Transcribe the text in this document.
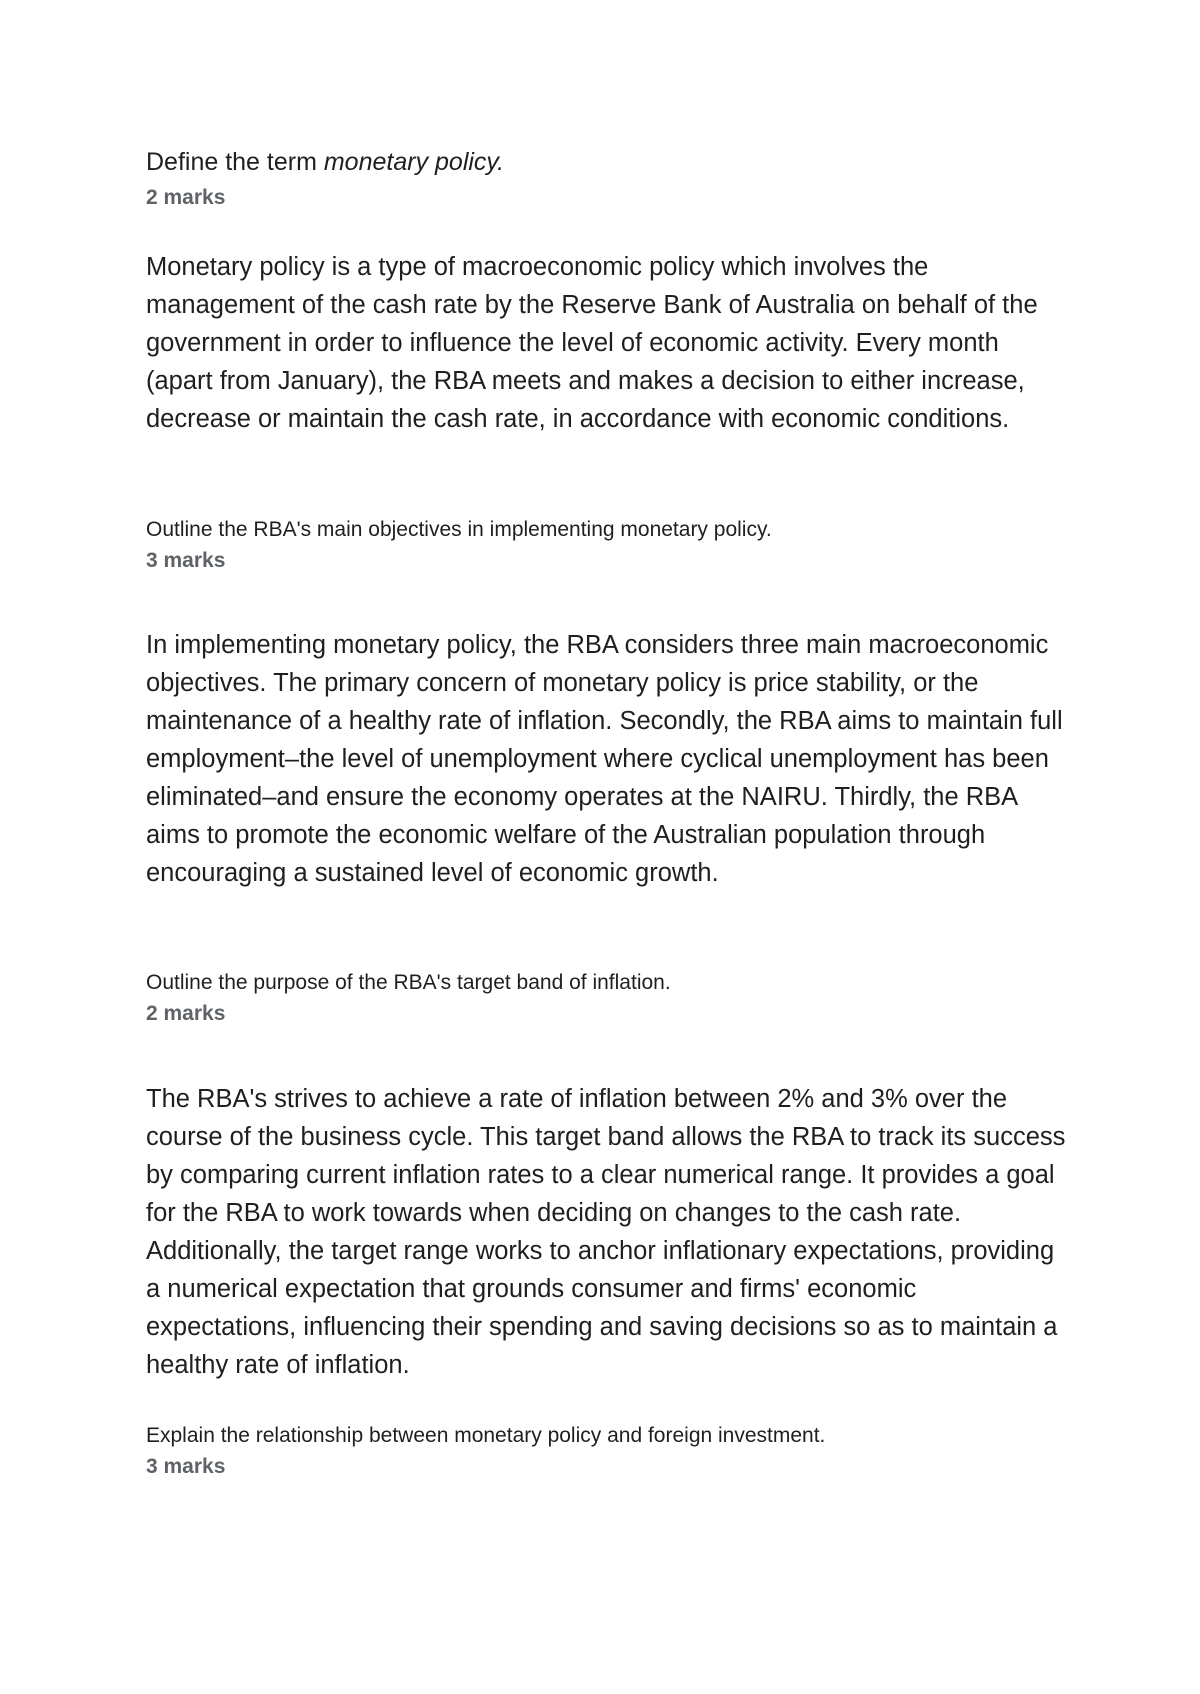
Define the term monetary policy.

2 marks

Monetary policy is a type of macroeconomic policy which involves the management of the cash rate by the Reserve Bank of Australia on behalf of the government in order to influence the level of economic activity. Every month (apart from January), the RBA meets and makes a decision to either increase, decrease or maintain the cash rate, in accordance with economic conditions.

Outline the RBA's main objectives in implementing monetary policy.

3 marks

In implementing monetary policy, the RBA considers three main macroeconomic objectives. The primary concern of monetary policy is price stability, or the maintenance of a healthy rate of inflation. Secondly, the RBA aims to maintain full employment–the level of unemployment where cyclical unemployment has been eliminated–and ensure the economy operates at the NAIRU. Thirdly, the RBA aims to promote the economic welfare of the Australian population through encouraging a sustained level of economic growth.

Outline the purpose of the RBA's target band of inflation.

2 marks

The RBA's strives to achieve a rate of inflation between 2% and 3% over the course of the business cycle. This target band allows the RBA to track its success by comparing current inflation rates to a clear numerical range. It provides a goal for the RBA to work towards when deciding on changes to the cash rate. Additionally, the target range works to anchor inflationary expectations, providing a numerical expectation that grounds consumer and firms' economic expectations, influencing their spending and saving decisions so as to maintain a healthy rate of inflation.

Explain the relationship between monetary policy and foreign investment.

3 marks
